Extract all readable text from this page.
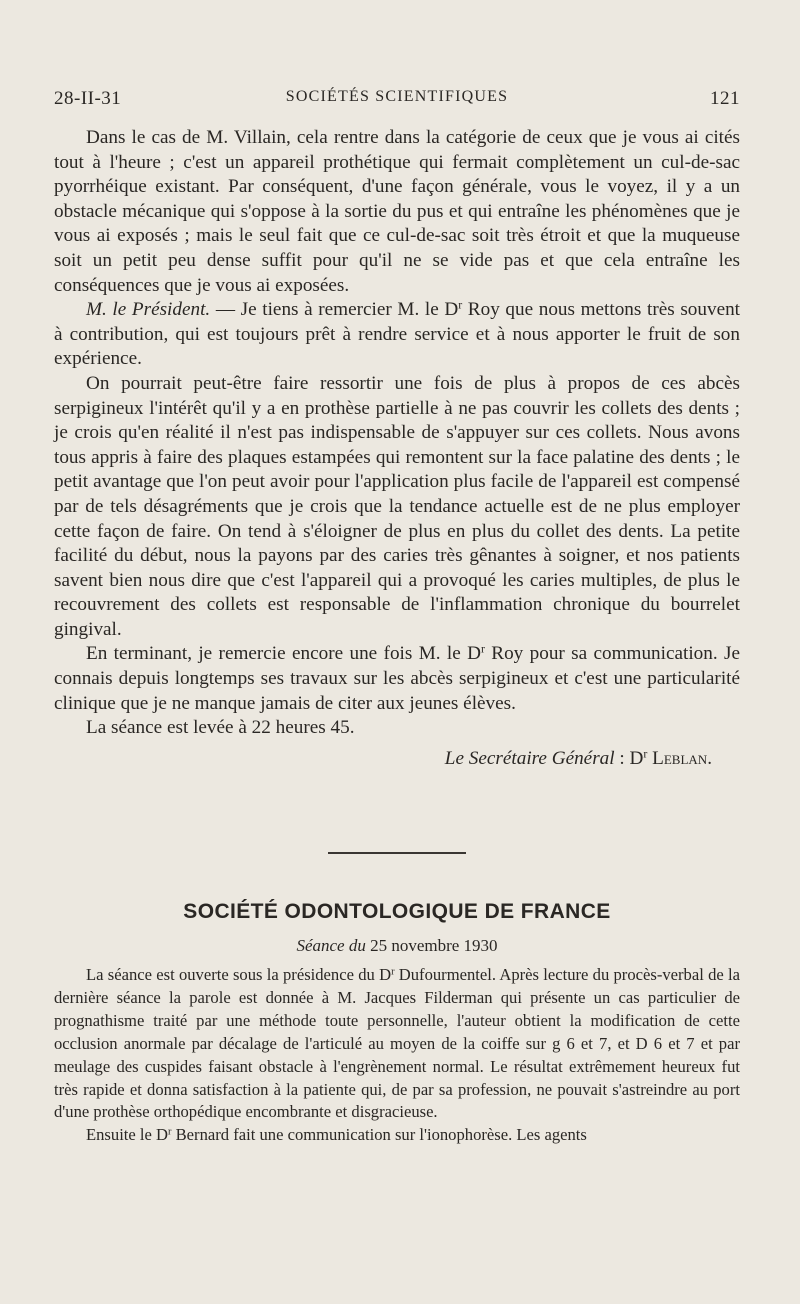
28-II-31	SOCIÉTÉS SCIENTIFIQUES	121

Dans le cas de M. Villain, cela rentre dans la catégorie de ceux que je vous ai cités tout à l'heure ; c'est un appareil prothétique qui fermait complètement un cul-de-sac pyorrhéique existant. Par conséquent, d'une façon générale, vous le voyez, il y a un obstacle mécanique qui s'oppose à la sortie du pus et qui entraîne les phénomènes que je vous ai exposés ; mais le seul fait que ce cul-de-sac soit très étroit et que la muqueuse soit un petit peu dense suffit pour qu'il ne se vide pas et que cela entraîne les conséquences que je vous ai exposées.

M. le Président. — Je tiens à remercier M. le $D^r$ Roy que nous mettons très souvent à contribution, qui est toujours prêt à rendre service et à nous apporter le fruit de son expérience.

On pourrait peut-être faire ressortir une fois de plus à propos de ces abcès serpigineux l'intérêt qu'il y a en prothèse partielle à ne pas couvrir les collets des dents ; je crois qu'en réalité il n'est pas indispensable de s'appuyer sur ces collets. Nous avons tous appris à faire des plaques estampées qui remontent sur la face palatine des dents ; le petit avantage que l'on peut avoir pour l'application plus facile de l'appareil est compensé par de tels désagréments que je crois que la tendance actuelle est de ne plus employer cette façon de faire. On tend à s'éloigner de plus en plus du collet des dents. La petite facilité du début, nous la payons par des caries très gênantes à soigner, et nos patients savent bien nous dire que c'est l'appareil qui a provoqué les caries multiples, de plus le recouvrement des collets est responsable de l'inflammation chronique du bourrelet gingival.

En terminant, je remercie encore une fois M. le $D^r$ Roy pour sa communication. Je connais depuis longtemps ses travaux sur les abcès serpigineux et c'est une particularité clinique que je ne manque jamais de citer aux jeunes élèves.

La séance est levée à 22 heures 45.

Le Secrétaire Général : $D^r$ Leblan.

SOCIÉTÉ ODONTOLOGIQUE DE FRANCE

Séance du 25 novembre 1930

La séance est ouverte sous la présidence du $D^r$ Dufourmentel. Après lecture du procès-verbal de la dernière séance la parole est donnée à M. Jacques Filderman qui présente un cas particulier de prognathisme traité par une méthode toute personnelle, l'auteur obtient la modification de cette occlusion anormale par décalage de l'articulé au moyen de la coiffe sur g 6 et 7, et D 6 et 7 et par meulage des cuspides faisant obstacle à l'engrènement normal. Le résultat extrêmement heureux fut très rapide et donna satisfaction à la patiente qui, de par sa profession, ne pouvait s'astreindre au port d'une prothèse orthopédique encombrante et disgracieuse.

Ensuite le $D^r$ Bernard fait une communication sur l'ionophorèse. Les agents
